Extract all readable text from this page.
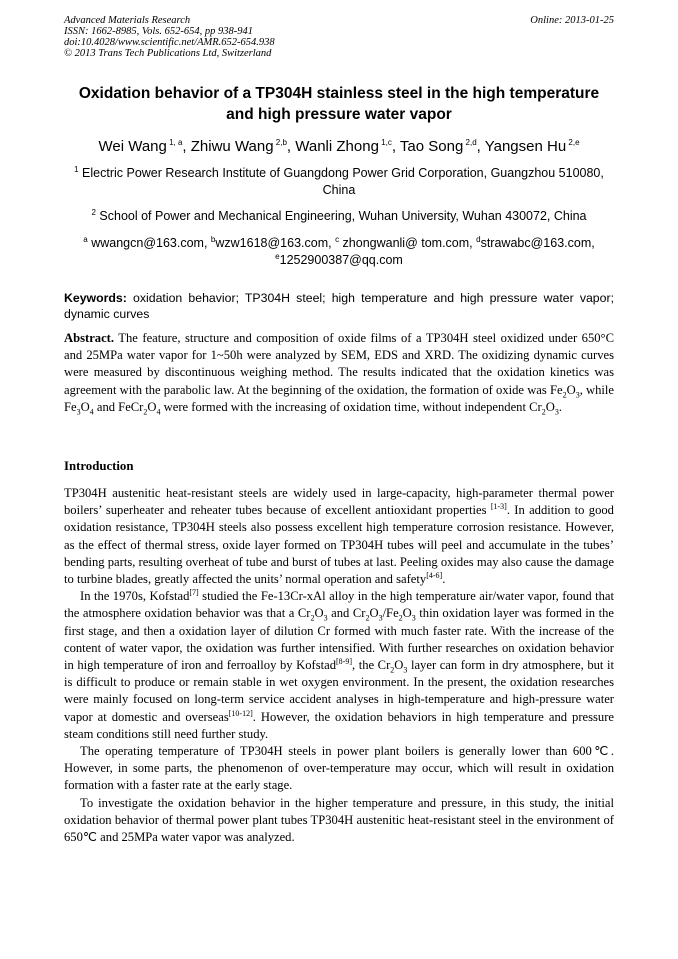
Advanced Materials Research
ISSN: 1662-8985, Vols. 652-654, pp 938-941
doi:10.4028/www.scientific.net/AMR.652-654.938
© 2013 Trans Tech Publications Ltd, Switzerland
Online: 2013-01-25
Oxidation behavior of a TP304H stainless steel in the high temperature
and high pressure water vapor
Wei Wang $^{1, a}$, Zhiwu Wang $^{2,b}$, Wanli Zhong $^{1,c}$, Tao Song $^{2,d}$, Yangsen Hu $^{2,e}$
$^1$ Electric Power Research Institute of Guangdong Power Grid Corporation, Guangzhou 510080, China
$^2$ School of Power and Mechanical Engineering, Wuhan University, Wuhan 430072, China
$^a$ wwangcn@163.com, $^b$wzw1618@163.com, $^c$ zhongwanli@ tom.com, $^d$strawabc@163.com,
$^e$1252900387@qq.com
Keywords: oxidation behavior; TP304H steel; high temperature and high pressure water vapor; dynamic curves
Abstract. The feature, structure and composition of oxide films of a TP304H steel oxidized under 650°C and 25MPa water vapor for 1~50h were analyzed by SEM, EDS and XRD. The oxidizing dynamic curves were measured by discontinuous weighing method. The results indicated that the oxidation kinetics was agreement with the parabolic law. At the beginning of the oxidation, the formation of oxide was $Fe_2O_3$, while $Fe_3O_4$ and $FeCr_2O_4$ were formed with the increasing of oxidation time, without independent $Cr_2O_3$.
Introduction

TP304H austenitic heat-resistant steels are widely used in large-capacity, high-parameter thermal power boilers’ superheater and reheater tubes because of excellent antioxidant properties [1-3]. In addition to good oxidation resistance, TP304H steels also possess excellent high temperature corrosion resistance. However, as the effect of thermal stress, oxide layer formed on TP304H tubes will peel and accumulate in the tubes’ bending parts, resulting overheat of tube and burst of tubes at last. Peeling oxides may also cause the damage to turbine blades, greatly affected the units’ normal operation and safety[4-6].

In the 1970s, Kofstad[7] studied the Fe-13Cr-xAl alloy in the high temperature air/water vapor, found that the atmosphere oxidation behavior was that a $Cr_2O_3$ and $Cr_2O_3/Fe_2O_3$ thin oxidation layer was formed in the first stage, and then a oxidation layer of dilution Cr formed with much faster rate. With the increase of the content of water vapor, the oxidation was further intensified. With further researches on oxidation behavior in high temperature of iron and ferroalloy by Kofstad[8-9], the $Cr_2O_3$ layer can form in dry atmosphere, but it is difficult to produce or remain stable in wet oxygen environment. In the present, the oxidation researches were mainly focused on long-term service accident analyses in high-temperature and high-pressure water vapor at domestic and overseas[10-12]. However, the oxidation behaviors in high temperature and pressure steam conditions still need further study.

The operating temperature of TP304H steels in power plant boilers is generally lower than 600℃. However, in some parts, the phenomenon of over-temperature may occur, which will result in oxidation formation with a faster rate at the early stage.

To investigate the oxidation behavior in the higher temperature and pressure, in this study, the initial oxidation behavior of thermal power plant tubes TP304H austenitic heat-resistant steel in the environment of 650℃ and 25MPa water vapor was analyzed.
